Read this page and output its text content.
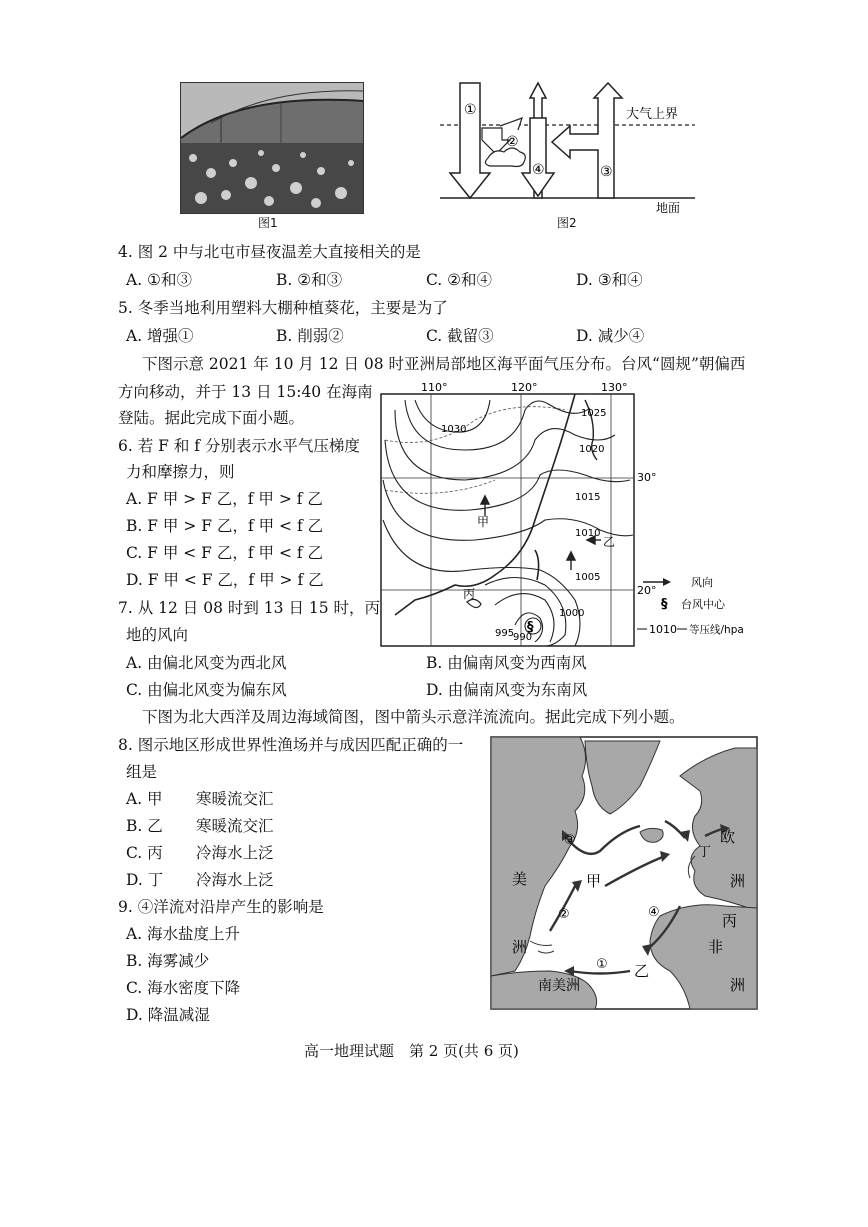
图1
①
②
④	③
大气上界
地面
图2
4. 图 2 中与北屯市昼夜温差大直接相关的是
A. ①和③	B. ②和③	C. ②和④	D. ③和④
5. 冬季当地利用塑料大棚种植葵花，主要是为了
A. 增强①	B. 削弱②	C. 截留③	D. 减少④
下图示意 2021 年 10 月 12 日 08 时亚洲局部地区海平面气压分布。台风“圆规”朝偏西
方向移动，并于 13 日 15:40 在海南
登陆。据此完成下面小题。
6. 若 F 和 f 分别表示水平气压梯度
力和摩擦力，则
A. F 甲 > F 乙，f 甲 > f 乙
B. F 甲 > F 乙，f 甲 < f 乙
C. F 甲 < F 乙，f 甲 < f 乙
D. F 甲 < F 乙，f 甲 > f 乙
7. 从 12 日 08 时到 13 日 15 时，丙
地的风向
A. 由偏北风变为西北风	B. 由偏南风变为西南风
C. 由偏北风变为偏东风	D. 由偏南风变为东南风
§
110°	120°	130°
30°
20°
1030
1025
1020
1015
1010
1005
1000
995
990
甲
乙
丙
风向
§ 台风中心
1010 等压线/hpa
下图为北大西洋及周边海域简图，图中箭头示意洋流流向。据此完成下列小题。
8. 图示地区形成世界性渔场并与成因匹配正确的一
组是
A. 甲 寒暖流交汇
B. 乙 寒暖流交汇
C. 丙 冷海水上泛
D. 丁 冷海水上泛
9. ④洋流对沿岸产生的影响是
A. 海水盐度上升
B. 海雾减少
C. 海水密度下降
D. 降温减湿
③
②	④
①
美
洲
甲
乙
丙
丁
欧
洲
非
洲
南美洲
高一地理试题　第 2 页(共 6 页)
